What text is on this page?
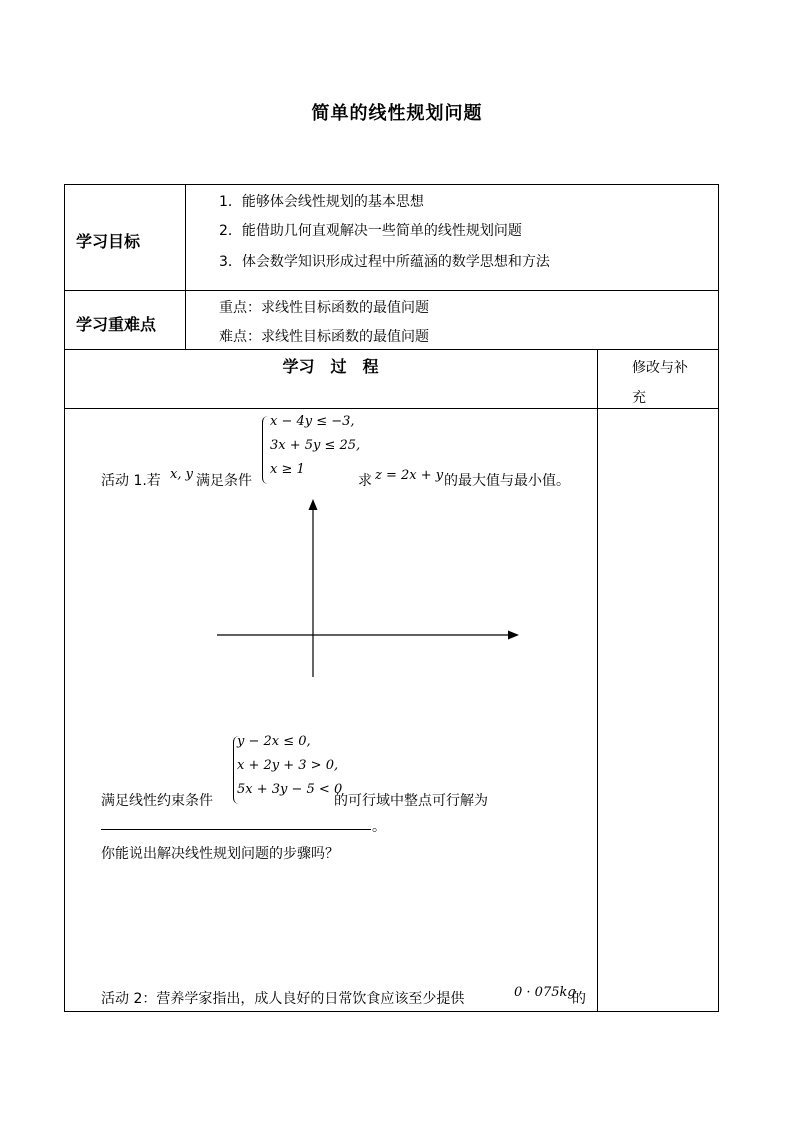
简单的线性规划问题
学习目标
1．能够体会线性规划的基本思想
2．能借助几何直观解决一些简单的线性规划问题
3．体会数学知识形成过程中所蕴涵的数学思想和方法
学习重难点
重点：求线性目标函数的最值问题
难点：求线性目标函数的最值问题
学习　过　程	修改与补
充
活动 1.若 x, y 满足条件
x − 4y ≤ −3,
3x + 5y ≤ 25,
x ≥ 1
求 z = 2x + y 的最大值与最小值。
满足线性约束条件
y − 2x ≤ 0,
x + 2y + 3 > 0,
5x + 3y − 5 < 0
的可行域中整点可行解为
。
你能说出解决线性规划问题的步骤吗？
活动 2：营养学家指出，成人良好的日常饮食应该至少提供	0 · 075kg
的
